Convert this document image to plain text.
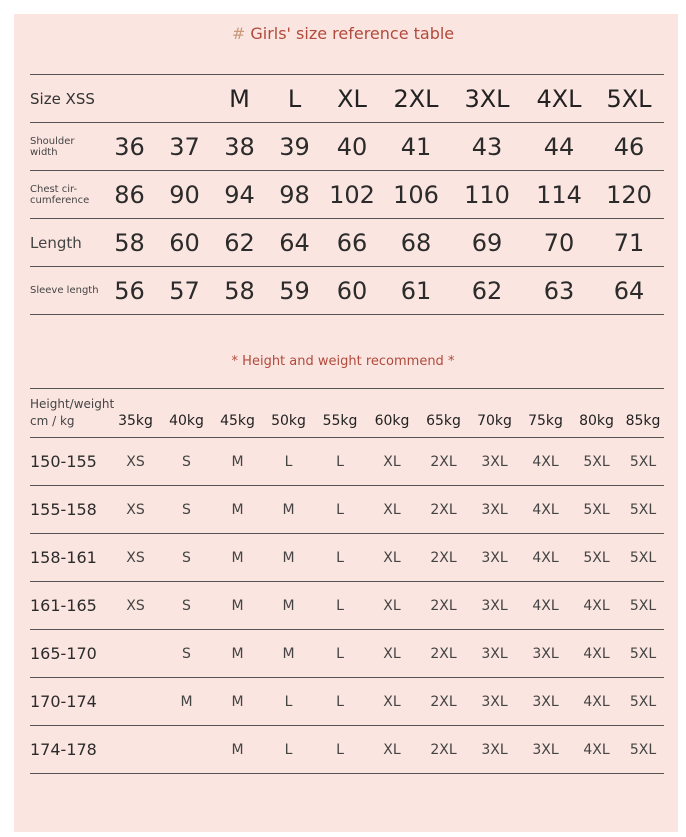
# Girls' size reference table
Size XSS			M	L	XL	2XL	3XL	4XL	5XL
Shoulder width	36	37	38	39	40	41	43	44	46
Chest cir-cumference	86	90	94	98	102	106	110	114	120
Length	58	60	62	64	66	68	69	70	71
Sleeve length	56	57	58	59	60	61	62	63	64
* Height and weight recommend *
Height/weight
cm / kg	35kg	40kg	45kg	50kg	55kg	60kg	65kg	70kg	75kg	80kg	85kg
150-155	XS	S	M	L	L	XL	2XL	3XL	4XL	5XL	5XL
155-158	XS	S	M	M	L	XL	2XL	3XL	4XL	5XL	5XL
158-161	XS	S	M	M	L	XL	2XL	3XL	4XL	5XL	5XL
161-165	XS	S	M	M	L	XL	2XL	3XL	4XL	4XL	5XL
165-170		S	M	M	L	XL	2XL	3XL	3XL	4XL	5XL
170-174		M	M	L	L	XL	2XL	3XL	3XL	4XL	5XL
174-178			M	L	L	XL	2XL	3XL	3XL	4XL	5XL
